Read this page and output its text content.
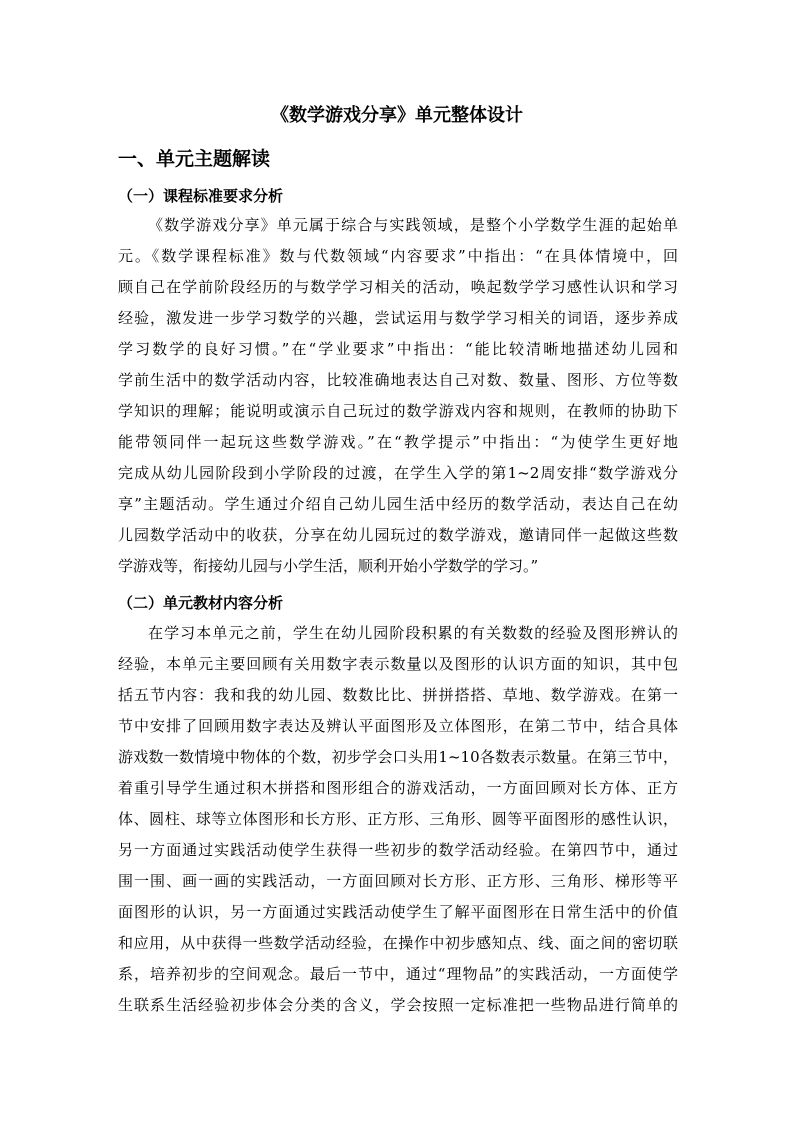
《数学游戏分享》单元整体设计
一、单元主题解读
（一）课程标准要求分析
《数学游戏分享》单元属于综合与实践领域，是整个小学数学生涯的起始单
元。《数学课程标准》数与代数领域“内容要求”中指出：“在具体情境中，回
顾自己在学前阶段经历的与数学学习相关的活动，唤起数学学习感性认识和学习
经验，激发进一步学习数学的兴趣，尝试运用与数学学习相关的词语，逐步养成
学习数学的良好习惯。”在“学业要求”中指出：“能比较清晰地描述幼儿园和
学前生活中的数学活动内容，比较准确地表达自己对数、数量、图形、方位等数
学知识的理解；能说明或演示自己玩过的数学游戏内容和规则，在教师的协助下
能带领同伴一起玩这些数学游戏。”在“教学提示”中指出：“为使学生更好地
完成从幼儿园阶段到小学阶段的过渡，在学生入学的第1~2周安排“数学游戏分
享”主题活动。学生通过介绍自己幼儿园生活中经历的数学活动，表达自己在幼
儿园数学活动中的收获，分享在幼儿园玩过的数学游戏，邀请同伴一起做这些数
学游戏等，衔接幼儿园与小学生活，顺利开始小学数学的学习。”
（二）单元教材内容分析
在学习本单元之前，学生在幼儿园阶段积累的有关数数的经验及图形辨认的
经验，本单元主要回顾有关用数字表示数量以及图形的认识方面的知识，其中包
括五节内容：我和我的幼儿园、数数比比、拼拼搭搭、草地、数学游戏。在第一
节中安排了回顾用数字表达及辨认平面图形及立体图形，在第二节中，结合具体
游戏数一数情境中物体的个数，初步学会口头用1~10各数表示数量。在第三节中，
着重引导学生通过积木拼搭和图形组合的游戏活动，一方面回顾对长方体、正方
体、圆柱、球等立体图形和长方形、正方形、三角形、圆等平面图形的感性认识，
另一方面通过实践活动使学生获得一些初步的数学活动经验。在第四节中，通过
围一围、画一画的实践活动，一方面回顾对长方形、正方形、三角形、梯形等平
面图形的认识，另一方面通过实践活动使学生了解平面图形在日常生活中的价值
和应用，从中获得一些数学活动经验，在操作中初步感知点、线、面之间的密切联
系，培养初步的空间观念。最后一节中，通过“理物品”的实践活动，一方面使学
生联系生活经验初步体会分类的含义，学会按照一定标准把一些物品进行简单的
